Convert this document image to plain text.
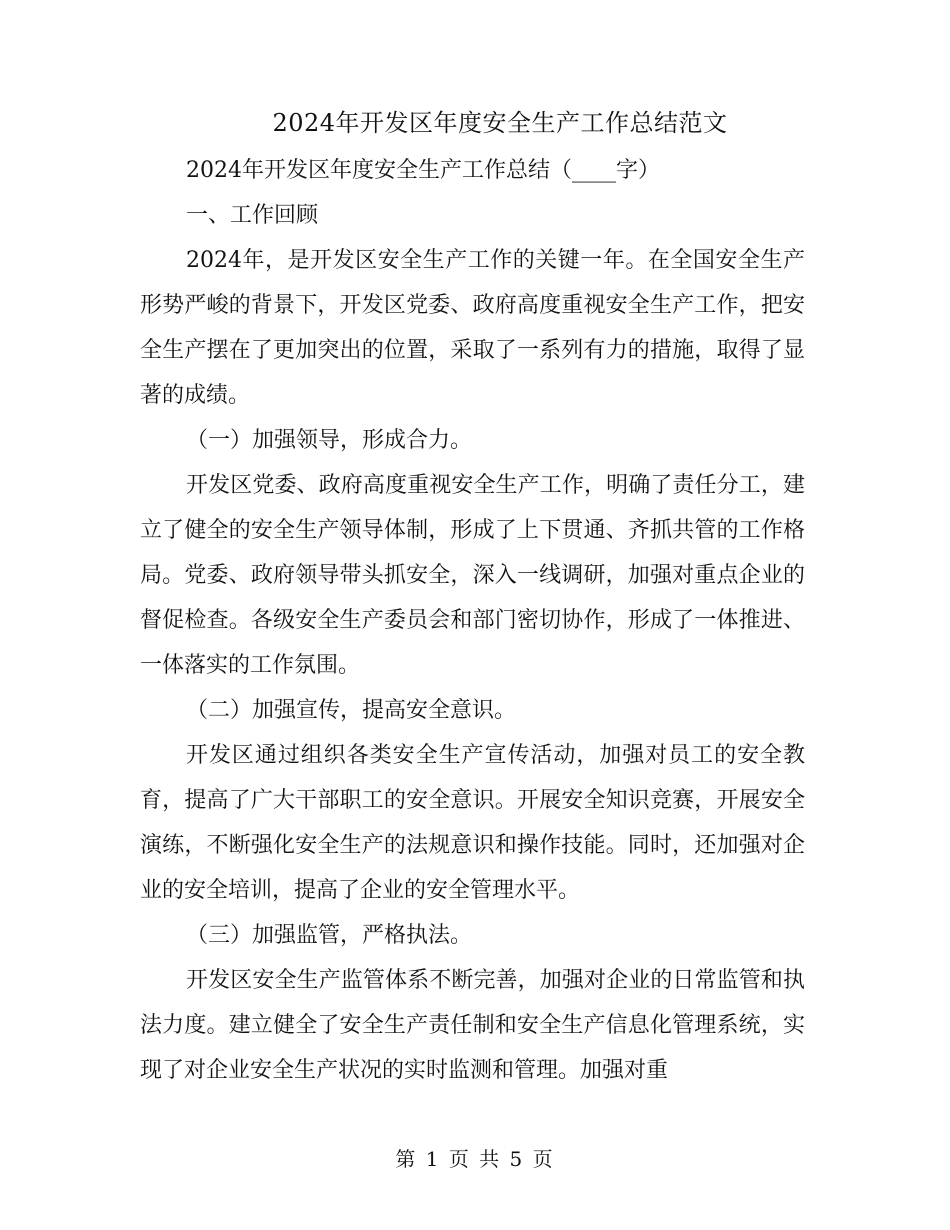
2024年开发区年度安全生产工作总结范文

2024年开发区年度安全生产工作总结（____字）

一、工作回顾

2024年，是开发区安全生产工作的关键一年。在全国安全生产形势严峻的背景下，开发区党委、政府高度重视安全生产工作，把安全生产摆在了更加突出的位置，采取了一系列有力的措施，取得了显著的成绩。

（一）加强领导，形成合力。

开发区党委、政府高度重视安全生产工作，明确了责任分工，建立了健全的安全生产领导体制，形成了上下贯通、齐抓共管的工作格局。党委、政府领导带头抓安全，深入一线调研，加强对重点企业的督促检查。各级安全生产委员会和部门密切协作，形成了一体推进、一体落实的工作氛围。

（二）加强宣传，提高安全意识。

开发区通过组织各类安全生产宣传活动，加强对员工的安全教育，提高了广大干部职工的安全意识。开展安全知识竞赛，开展安全演练，不断强化安全生产的法规意识和操作技能。同时，还加强对企业的安全培训，提高了企业的安全管理水平。

（三）加强监管，严格执法。

开发区安全生产监管体系不断完善，加强对企业的日常监管和执法力度。建立健全了安全生产责任制和安全生产信息化管理系统，实现了对企业安全生产状况的实时监测和管理。加强对重

第 1 页 共 5 页
